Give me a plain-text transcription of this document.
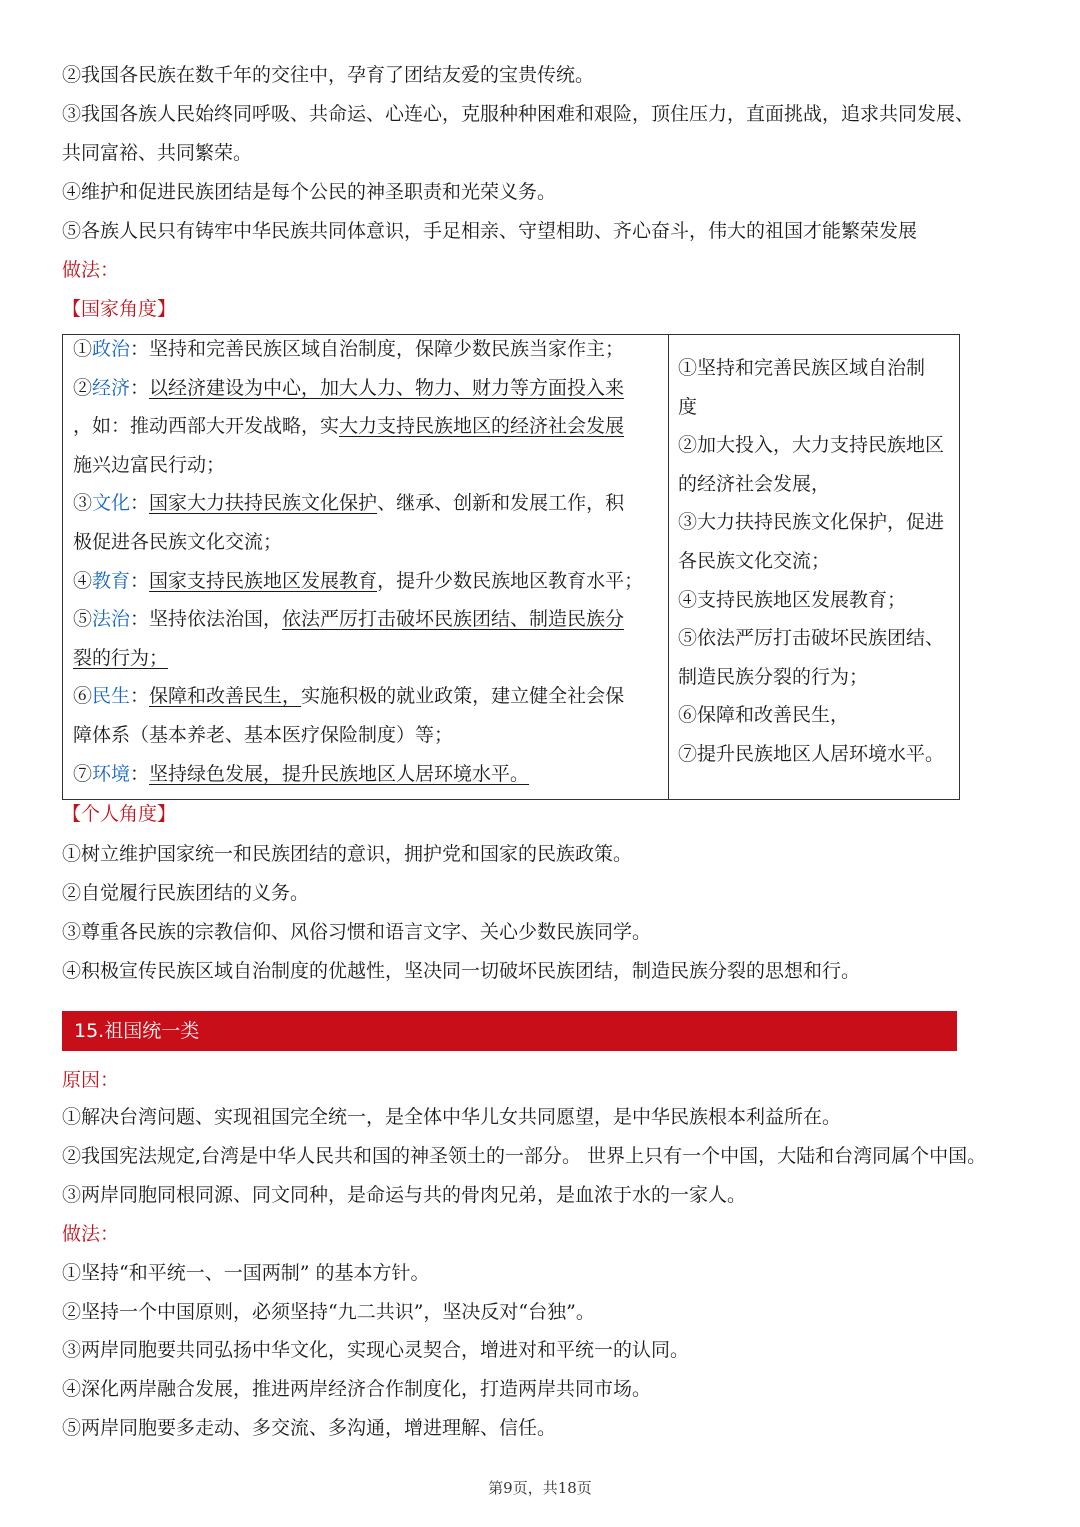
②我国各民族在数千年的交往中，孕育了团结友爱的宝贵传统。
③我国各族人民始终同呼吸、共命运、心连心，克服种种困难和艰险，顶住压力，直面挑战，追求共同发展、
共同富裕、共同繁荣。
④维护和促进民族团结是每个公民的神圣职责和光荣义务。
⑤各族人民只有铸牢中华民族共同体意识，手足相亲、守望相助、齐心奋斗，伟大的祖国才能繁荣发展
做法：
【国家角度】
①政治：坚持和完善民族区域自治制度，保障少数民族当家作主；
②经济：以经济建设为中心，加大人力、物力、财力等方面投入来
，如：推动西部大开发战略，实大力支持民族地区的经济社会发展
施兴边富民行动；
③文化：国家大力扶持民族文化保护、继承、创新和发展工作，积
极促进各民族文化交流；
④教育：国家支持民族地区发展教育，提升少数民族地区教育水平；
⑤法治：坚持依法治国，依法严厉打击破坏民族团结、制造民族分
裂的行为；
⑥民生：保障和改善民生，实施积极的就业政策，建立健全社会保
障体系（基本养老、基本医疗保险制度）等；
⑦环境：坚持绿色发展，提升民族地区人居环境水平。
①坚持和完善民族区域自治制
度
②加大投入，大力支持民族地区
的经济社会发展，
③大力扶持民族文化保护，促进
各民族文化交流；
④支持民族地区发展教育；
⑤依法严厉打击破坏民族团结、
制造民族分裂的行为；
⑥保障和改善民生，
⑦提升民族地区人居环境水平。
【个人角度】
①树立维护国家统一和民族团结的意识，拥护党和国家的民族政策。
②自觉履行民族团结的义务。
③尊重各民族的宗教信仰、风俗习惯和语言文字、关心少数民族同学。
④积极宣传民族区域自治制度的优越性，坚决同一切破坏民族团结，制造民族分裂的思想和行。
15.祖国统一类
原因：
①解决台湾问题、实现祖国完全统一，是全体中华儿女共同愿望，是中华民族根本利益所在。
②我国宪法规定,台湾是中华人民共和国的神圣领土的一部分。 世界上只有一个中国，大陆和台湾同属个中国。
③两岸同胞同根同源、同文同种，是命运与共的骨肉兄弟，是血浓于水的一家人。
做法：
①坚持“和平统一、一国两制” 的基本方针。
②坚持一个中国原则，必须坚持“九二共识”，坚决反对“台独”。
③两岸同胞要共同弘扬中华文化，实现心灵契合，增进对和平统一的认同。
④深化两岸融合发展，推进两岸经济合作制度化，打造两岸共同市场。
⑤两岸同胞要多走动、多交流、多沟通，增进理解、信任。
第9页，共18页
